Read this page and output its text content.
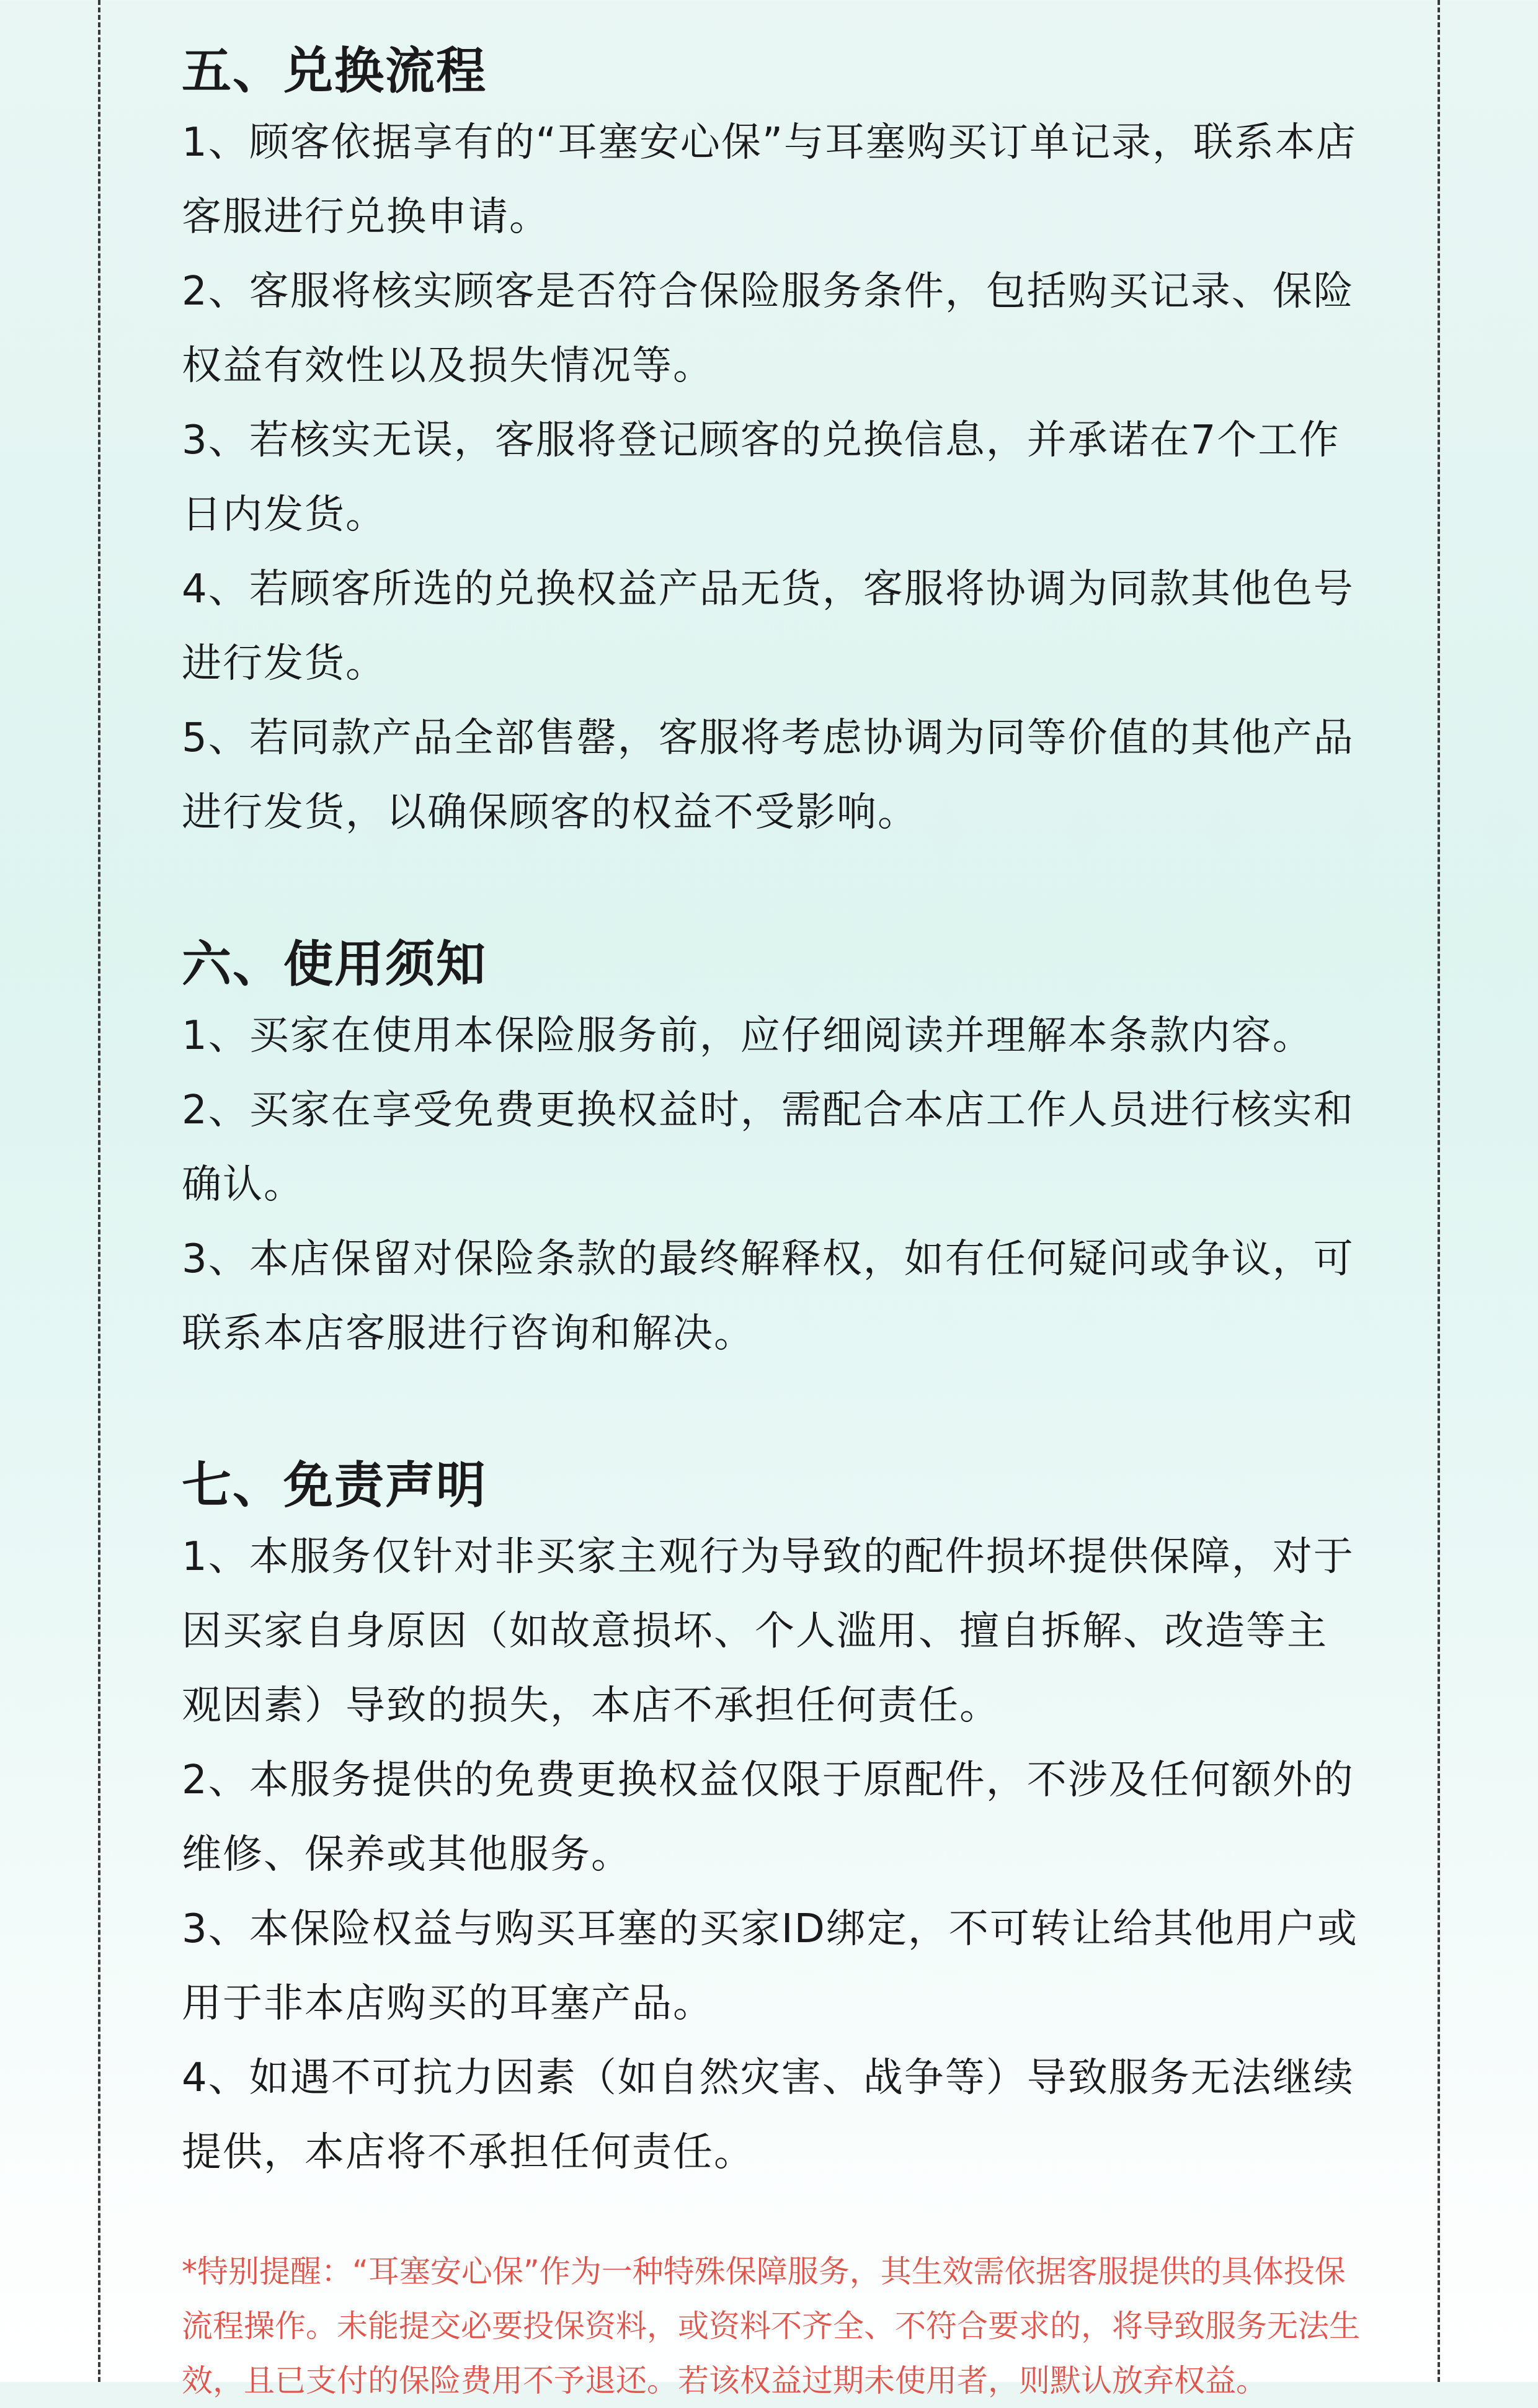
五、兑换流程

1、顾客依据享有的“耳塞安心保”与耳塞购买订单记录，联系本店客服进行兑换申请。

2、客服将核实顾客是否符合保险服务条件，包括购买记录、保险权益有效性以及损失情况等。

3、若核实无误，客服将登记顾客的兑换信息，并承诺在7个工作日内发货。

4、若顾客所选的兑换权益产品无货，客服将协调为同款其他色号进行发货。

5、若同款产品全部售罄，客服将考虑协调为同等价值的其他产品进行发货，以确保顾客的权益不受影响。

六、使用须知

1、买家在使用本保险服务前，应仔细阅读并理解本条款内容。

2、买家在享受免费更换权益时，需配合本店工作人员进行核实和确认。

3、本店保留对保险条款的最终解释权，如有任何疑问或争议，可联系本店客服进行咨询和解决。

七、免责声明

1、本服务仅针对非买家主观行为导致的配件损坏提供保障，对于因买家自身原因（如故意损坏、个人滥用、擅自拆解、改造等主观因素）导致的损失，本店不承担任何责任。

2、本服务提供的免费更换权益仅限于原配件，不涉及任何额外的维修、保养或其他服务。

3、本保险权益与购买耳塞的买家ID绑定，不可转让给其他用户或用于非本店购买的耳塞产品。

4、如遇不可抗力因素（如自然灾害、战争等）导致服务无法继续提供，本店将不承担任何责任。

*特别提醒：“耳塞安心保”作为一种特殊保障服务，其生效需依据客服提供的具体投保流程操作。未能提交必要投保资料，或资料不齐全、不符合要求的，将导致服务无法生效，且已支付的保险费用不予退还。若该权益过期未使用者，则默认放弃权益。
